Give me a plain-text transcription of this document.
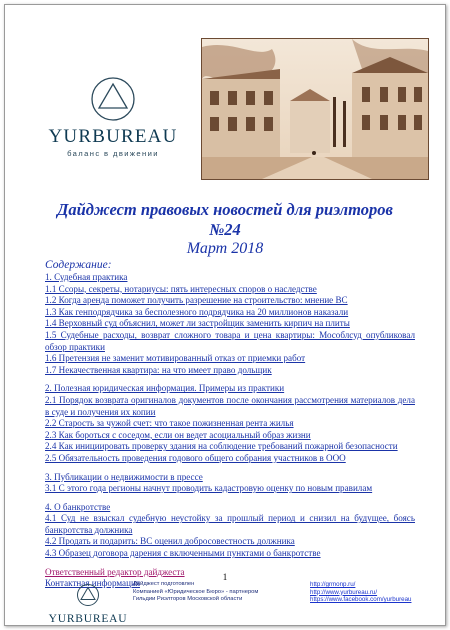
YURBUREAU
баланс в движении
Дайджест правовых новостей для риэлторов
№24
Март 2018
Содержание:
1. Судебная практика
1.1 Ссоры, секреты, нотариусы: пять интересных споров о наследстве
1.2 Когда аренда поможет получить разрешение на строительство: мнение ВС
1.3 Как генподрядчика за бесполезного подрядчика на 20 миллионов наказали
1.4 Верховный суд объяснил, может ли застройщик заменить кирпич на плиты
1.5 Судебные расходы, возврат сложного товара и цена квартиры: Мособлсуд опубликовал обзор практики
1.6 Претензия не заменит мотивированный отказ от приемки работ
1.7 Некачественная квартира: на что имеет право дольщик
2. Полезная юридическая информация. Примеры из практики
2.1 Порядок возврата оригиналов документов после окончания рассмотрения материалов дела в суде и получения их копии
2.2 Старость за чужой счет: что такое пожизненная рента жилья
2.3 Как бороться с соседом, если он ведет асоциальный образ жизни
2.4 Как инициировать проверку здания на соблюдение требований пожарной безопасности
2.5 Обязательность проведения годового общего собрания участников в ООО
3. Публикации о недвижимости в прессе
3.1 С этого года регионы начнут проводить кадастровую оценку по новым правилам
4. О банкротстве
4.1 Суд не взыскал судебную неустойку за прошлый период и снизил на будущее, боясь банкротства должника
4.2 Продать и подарить: ВС оценил добросовестность должника
4.3 Образец договора дарения с включенными пунктами о банкротстве
Ответственный редактор дайджеста
Контактная информация
1
YURBUREAU
Дайджест подготовлен
Компанией «Юридическое Бюро» - партнером
Гильдии Риэлторов Московской области
http://grmonp.ru/
http://www.yurbureau.ru/
https://www.facebook.com/yurbureau
